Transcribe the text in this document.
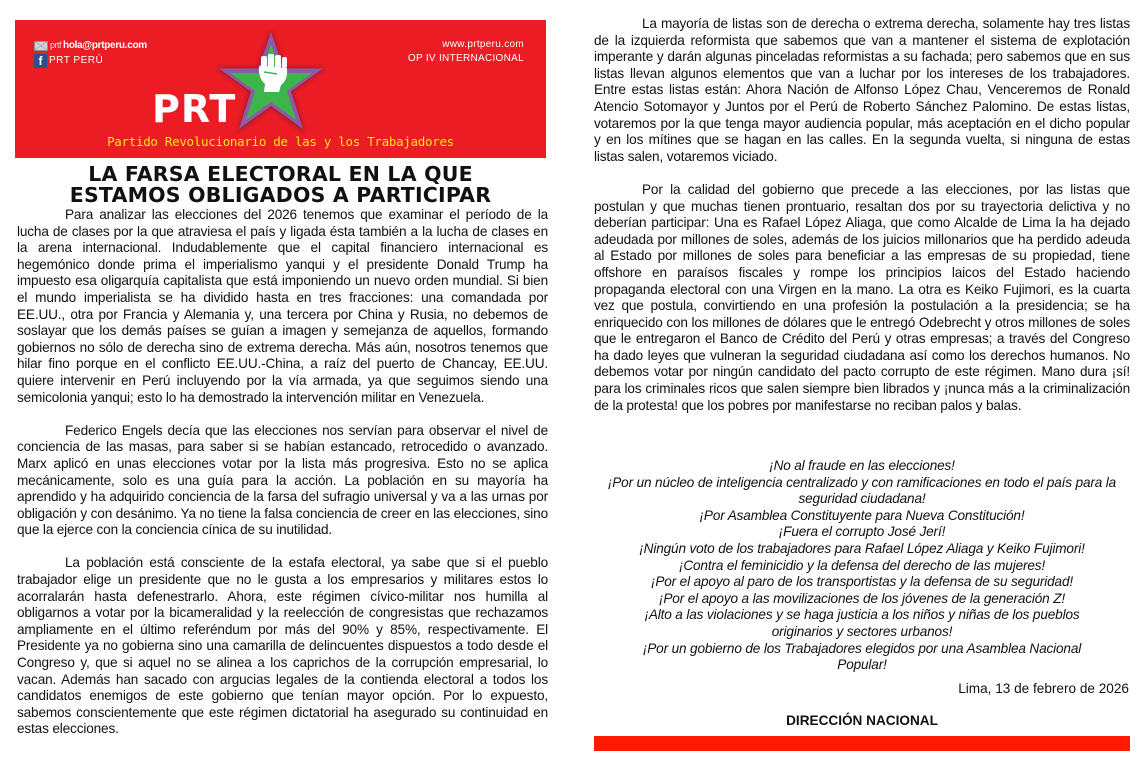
prtf hola@prtperu.com
f PRT PERÚ
www.prtperu.com
OP IV INTERNACIONAL
PRT
Partido Revolucionario de las y los Trabajadores
LA FARSA ELECTORAL EN LA QUE
ESTAMOS OBLIGADOS A PARTICIPAR

Para analizar las elecciones del 2026 tenemos que examinar el período de la lucha de clases por la que atraviesa el país y ligada ésta también a la lucha de clases en la arena internacional. Indudablemente que el capital financiero internacional es hegemónico donde prima el imperialismo yanqui y el presidente Donald Trump ha impuesto esa oligarquía capitalista que está imponiendo un nuevo orden mundial. Si bien el mundo imperialista se ha dividido hasta en tres fracciones: una comandada por EE.UU., otra por Francia y Alemania y, una tercera por China y Rusia, no debemos de soslayar que los demás países se guían a imagen y semejanza de aquellos, formando gobiernos no sólo de derecha sino de extrema derecha. Más aún, nosotros tenemos que hilar fino porque en el conflicto EE.UU.-China, a raíz del puerto de Chancay, EE.UU. quiere intervenir en Perú incluyendo por la vía armada, ya que seguimos siendo una semicolonia yanqui; esto lo ha demostrado la intervención militar en Venezuela.

Federico Engels decía que las elecciones nos servían para observar el nivel de conciencia de las masas, para saber si se habían estancado, retrocedido o avanzado. Marx aplicó en unas elecciones votar por la lista más progresiva. Esto no se aplica mecánicamente, solo es una guía para la acción. La población en su mayoría ha aprendido y ha adquirido conciencia de la farsa del sufragio universal y va a las urnas por obligación y con desánimo. Ya no tiene la falsa conciencia de creer en las elecciones, sino que la ejerce con la conciencia cínica de su inutilidad.

La población está consciente de la estafa electoral, ya sabe que si el pueblo trabajador elige un presidente que no le gusta a los empresarios y militares estos lo acorralarán hasta defenestrarlo. Ahora, este régimen cívico-militar nos humilla al obligarnos a votar por la bicameralidad y la reelección de congresistas que rechazamos ampliamente en el último referéndum por más del 90% y 85%, respectivamente. El Presidente ya no gobierna sino una camarilla de delincuentes dispuestos a todo desde el Congreso y, que si aquel no se alinea a los caprichos de la corrupción empresarial, lo vacan. Además han sacado con argucias legales de la contienda electoral a todos los candidatos enemigos de este gobierno que tenían mayor opción. Por lo expuesto, sabemos conscientemente que este régimen dictatorial ha asegurado su continuidad en estas elecciones.

La mayoría de listas son de derecha o extrema derecha, solamente hay tres listas de la izquierda reformista que sabemos que van a mantener el sistema de explotación imperante y darán algunas pinceladas reformistas a su fachada; pero sabemos que en sus listas llevan algunos elementos que van a luchar por los intereses de los trabajadores. Entre estas listas están: Ahora Nación de Alfonso López Chau, Venceremos de Ronald Atencio Sotomayor y Juntos por el Perú de Roberto Sánchez Palomino. De estas listas, votaremos por la que tenga mayor audiencia popular, más aceptación en el dicho popular y en los mítines que se hagan en las calles. En la segunda vuelta, si ninguna de estas listas salen, votaremos viciado.

Por la calidad del gobierno que precede a las elecciones, por las listas que postulan y que muchas tienen prontuario, resaltan dos por su trayectoria delictiva y no deberían participar: Una es Rafael López Aliaga, que como Alcalde de Lima la ha dejado adeudada por millones de soles, además de los juicios millonarios que ha perdido adeuda al Estado por millones de soles para beneficiar a las empresas de su propiedad, tiene offshore en paraísos fiscales y rompe los principios laicos del Estado haciendo propaganda electoral con una Virgen en la mano. La otra es Keiko Fujimori, es la cuarta vez que postula, convirtiendo en una profesión la postulación a la presidencia; se ha enriquecido con los millones de dólares que le entregó Odebrecht y otros millones de soles que le entregaron el Banco de Crédito del Perú y otras empresas; a través del Congreso ha dado leyes que vulneran la seguridad ciudadana así como los derechos humanos. No debemos votar por ningún candidato del pacto corrupto de este régimen. Mano dura ¡sí! para los criminales ricos que salen siempre bien librados y ¡nunca más a la criminalización de la protesta! que los pobres por manifestarse no reciban palos y balas.

¡No al fraude en las elecciones!
¡Por un núcleo de inteligencia centralizado y con ramificaciones en todo el país para la seguridad ciudadana!
¡Por Asamblea Constituyente para Nueva Constitución!
¡Fuera el corrupto José Jerí!
¡Ningún voto de los trabajadores para Rafael López Aliaga y Keiko Fujimori!
¡Contra el feminicidio y la defensa del derecho de las mujeres!
¡Por el apoyo al paro de los transportistas y la defensa de su seguridad!
¡Por el apoyo a las movilizaciones de los jóvenes de la generación Z!
¡Alto a las violaciones y se haga justicia a los niños y niñas de los pueblos originarios y sectores urbanos!
¡Por un gobierno de los Trabajadores elegidos por una Asamblea Nacional Popular!
Lima, 13 de febrero de 2026
DIRECCIÓN NACIONAL
